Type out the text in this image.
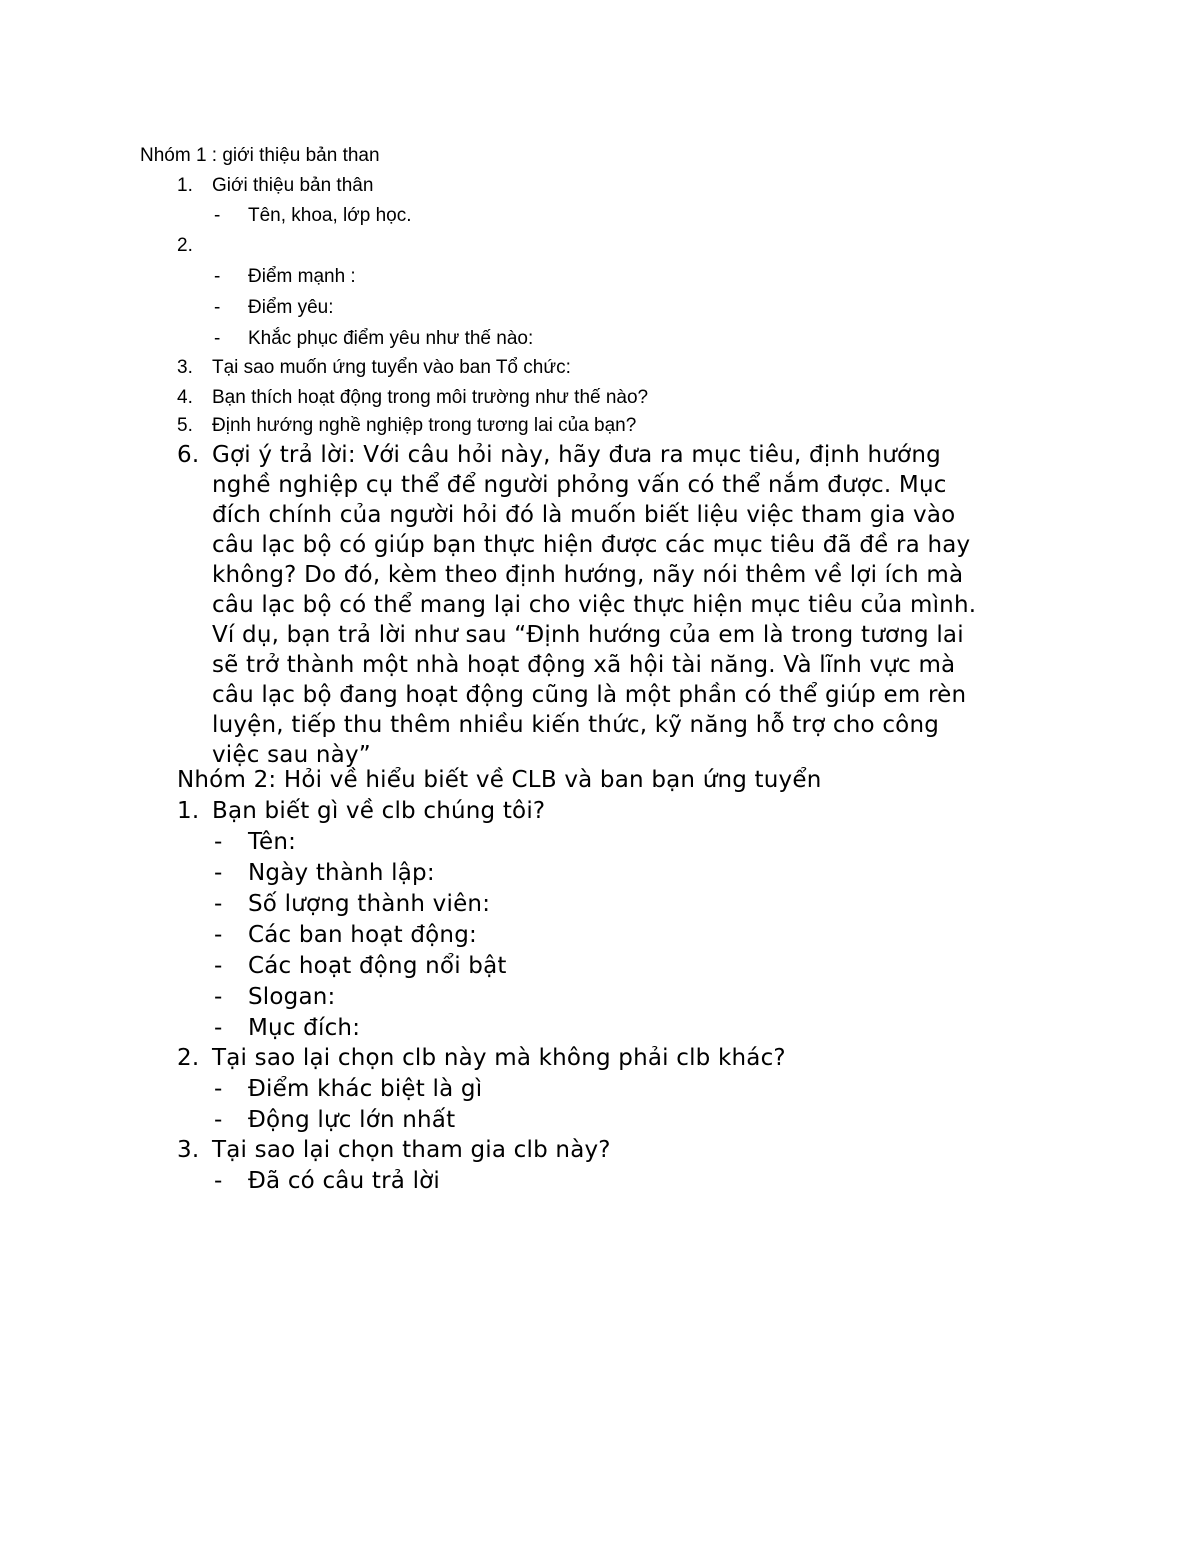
Nhóm 1 : giới thiệu bản than
1. Giới thiệu bản thân
- Tên, khoa, lớp học.
2.
- Điểm mạnh :
- Điểm yêu:
- Khắc phục điểm yêu như thế nào:
3. Tại sao muốn ứng tuyển vào ban Tổ chức:
4. Bạn thích hoạt động trong môi trường như thế nào?
5. Định hướng nghề nghiệp trong tương lai của bạn?
6. Gợi ý trả lời: Với câu hỏi này, hãy đưa ra mục tiêu, định hướng
nghề nghiệp cụ thể để người phỏng vấn có thể nắm được. Mục
đích chính của người hỏi đó là muốn biết liệu việc tham gia vào
câu lạc bộ có giúp bạn thực hiện được các mục tiêu đã đề ra hay
không? Do đó, kèm theo định hướng, nãy nói thêm về lợi ích mà
câu lạc bộ có thể mang lại cho việc thực hiện mục tiêu của mình.
Ví dụ, bạn trả lời như sau “Định hướng của em là trong tương lai
sẽ trở thành một nhà hoạt động xã hội tài năng. Và lĩnh vực mà
câu lạc bộ đang hoạt động cũng là một phần có thể giúp em rèn
luyện, tiếp thu thêm nhiều kiến thức, kỹ năng hỗ trợ cho công
việc sau này”
Nhóm 2: Hỏi về hiểu biết về CLB và ban bạn ứng tuyển
1. Bạn biết gì về clb chúng tôi?
- Tên:
- Ngày thành lập:
- Số lượng thành viên:
- Các ban hoạt động:
- Các hoạt động nổi bật
- Slogan:
- Mục đích:
2. Tại sao lại chọn clb này mà không phải clb khác?
- Điểm khác biệt là gì
- Động lực lớn nhất
3. Tại sao lại chọn tham gia clb này?
- Đã có câu trả lời
